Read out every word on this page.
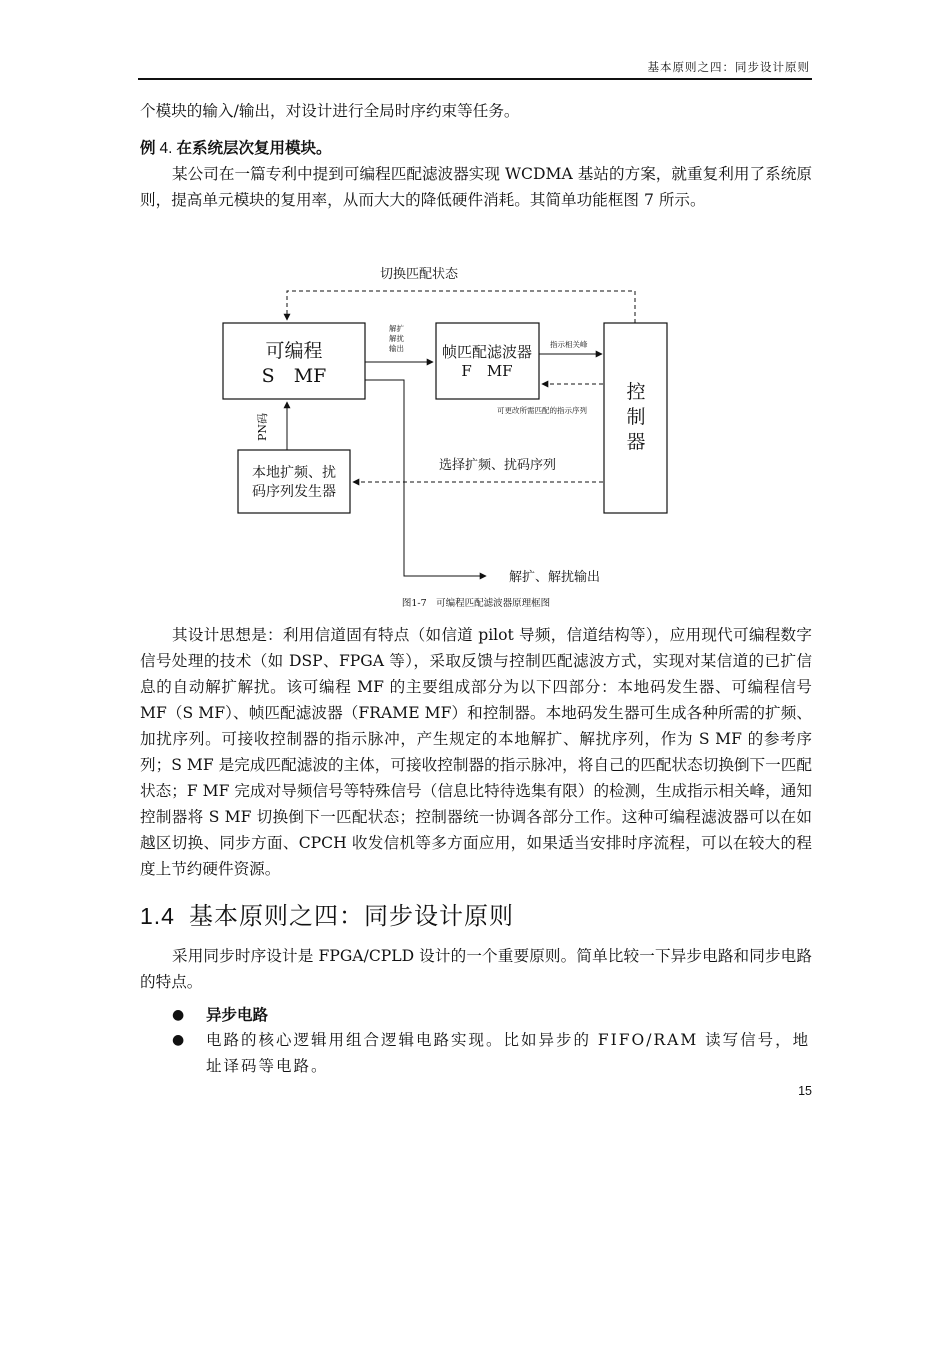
基本原则之四：同步设计原则

个模块的输入/输出，对设计进行全局时序约束等任务。

例 4. 在系统层次复用模块。

某公司在一篇专利中提到可编程匹配滤波器实现 WCDMA 基站的方案，就重复利用了系统原则，提高单元模块的复用率，从而大大的降低硬件消耗。其简单功能框图 7 所示。

切换匹配状态
可编程
S　MF
解扩
解扰
输出	帧匹配滤波器
F　MF
指示相关峰
可更改所需匹配的指示序列
控
制
器
本地扩频、扰
码序列发生器
PN码
选择扩频、扰码序列
解扩、解扰输出
图1-7　可编程匹配滤波器原理框图

其设计思想是：利用信道固有特点（如信道 pilot 导频，信道结构等），应用现代可编程数字信号处理的技术（如 DSP、FPGA 等），采取反馈与控制匹配滤波方式，实现对某信道的已扩信息的自动解扩解扰。该可编程 MF 的主要组成部分为以下四部分：本地码发生器、可编程信号 MF（S MF）、帧匹配滤波器（FRAME MF）和控制器。本地码发生器可生成各种所需的扩频、加扰序列。可接收控制器的指示脉冲，产生规定的本地解扩、解扰序列，作为 S MF 的参考序列；S MF 是完成匹配滤波的主体，可接收控制器的指示脉冲，将自己的匹配状态切换倒下一匹配状态；F MF 完成对导频信号等特殊信号（信息比特待选集有限）的检测，生成指示相关峰，通知控制器将 S MF 切换倒下一匹配状态；控制器统一协调各部分工作。这种可编程滤波器可以在如越区切换、同步方面、CPCH 收发信机等多方面应用，如果适当安排时序流程，可以在较大的程度上节约硬件资源。

1.4 基本原则之四：同步设计原则

采用同步时序设计是 FPGA/CPLD 设计的一个重要原则。简单比较一下异步电路和同步电路的特点。

● 异步电路
● 电路的核心逻辑用组合逻辑电路实现。比如异步的 FIFO/RAM 读写信号，地址译码等电路。
15
